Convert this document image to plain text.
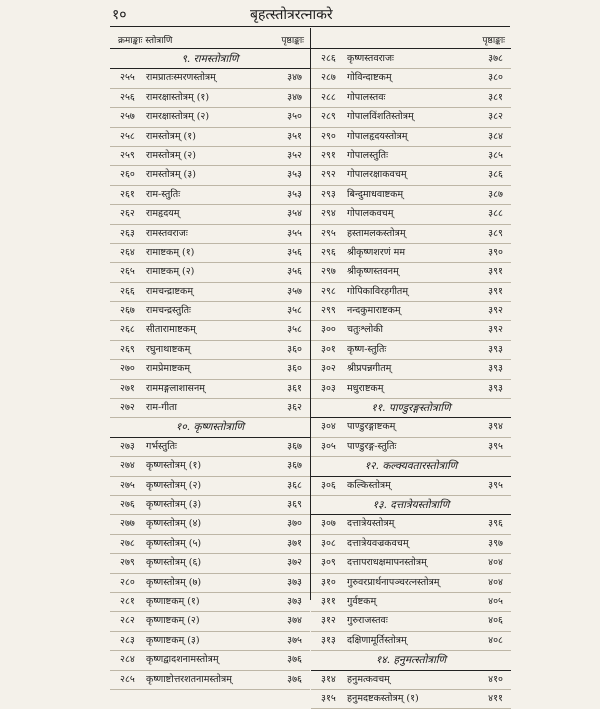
१०	बृहत्स्तोत्ररत्नाकरे
क्रमाङ्काः स्तोत्राणि	पृष्ठाङ्काः
९. रामस्तोत्राणि
२५५ रामप्रातःस्मरणस्तोत्रम्	३४७
२५६ रामरक्षास्तोत्रम् (१)	३४७
२५७ रामरक्षास्तोत्रम् (२)	३५०
२५८ रामस्तोत्रम् (१)	३५१
२५९ रामस्तोत्रम् (२)	३५२
२६० रामस्तोत्रम् (३)	३५३
२६१ राम-स्तुतिः	३५३
२६२ रामहृदयम्	३५४
२६३ रामस्तवराजः	३५५
२६४ रामाष्टकम् (१)	३५६
२६५ रामाष्टकम् (२)	३५६
२६६ रामचन्द्राष्टकम्	३५७
२६७ रामचन्द्रस्तुतिः	३५८
२६८ सीतारामाष्टकम्	३५८
२६९ रघुनाथाष्टकम्	३६०
२७० रामप्रेमाष्टकम्	३६०
२७१ राममङ्गलाशासनम्	३६१
२७२ राम-गीता	३६२
१०. कृष्णस्तोत्राणि
२७३ गर्भस्तुतिः	३६७
२७४ कृष्णस्तोत्रम् (१)	३६७
२७५ कृष्णस्तोत्रम् (२)	३६८
२७६ कृष्णस्तोत्रम् (३)	३६९
२७७ कृष्णस्तोत्रम् (४)	३७०
२७८ कृष्णस्तोत्रम् (५)	३७१
२७९ कृष्णस्तोत्रम् (६)	३७२
२८० कृष्णस्तोत्रम् (७)	३७३
२८१ कृष्णाष्टकम् (१)	३७३
२८२ कृष्णाष्टकम् (२)	३७४
२८३ कृष्णाष्टकम् (३)	३७५
२८४ कृष्णद्वादशनामस्तोत्रम्	३७६
२८५ कृष्णाष्टोत्तरशतनामस्तोत्रम्	३७६
पृष्ठाङ्काः
२८६ कृष्णस्तवराजः	३७८
२८७ गोविन्दाष्टकम्	३८०
२८८ गोपालस्तवः	३८१
२८९ गोपालविंशतिस्तोत्रम्	३८२
२९० गोपालहृदयस्तोत्रम्	३८४
२९१ गोपालस्तुतिः	३८५
२९२ गोपालरक्षाकवचम्	३८६
२९३ बिन्दुमाधवाष्टकम्	३८७
२९४ गोपालकवचम्	३८८
२९५ हस्तामलकस्तोत्रम्	३८९
२९६ श्रीकृष्णशरणं मम	३९०
२९७ श्रीकृष्णस्तवनम्	३९१
२९८ गोपिकाविरहगीतम्	३९१
२९९ नन्दकुमाराष्टकम्	३९२
३०० चतुःश्लोकी	३९२
३०१ कृष्ण-स्तुतिः	३९३
३०२ श्रीप्रपन्नगीतम्	३९३
३०३ मधुराष्टकम्	३९३
११. पाण्डुरङ्गस्तोत्राणि
३०४ पाण्डुरङ्गाष्टकम्	३९४
३०५ पाण्डुरङ्ग-स्तुतिः	३९५
१२. कल्क्यवतारस्तोत्राणि
३०६ कल्किस्तोत्रम्	३९५
१३. दत्तात्रेयस्तोत्राणि
३०७ दत्तात्रेयस्तोत्रम्	३९६
३०८ दत्तात्रेयवज्रकवचम्	३९७
३०९ दत्तापराधक्षमापनस्तोत्रम्	४०४
३१० गुरुवरप्रार्थनापञ्चरत्नस्तोत्रम्	४०४
३११ गुर्वष्टकम्	४०५
३१२ गुरुराजस्तवः	४०६
३१३ दक्षिणामूर्तिस्तोत्रम्	४०८
१४. हनुमत्स्तोत्राणि
३१४ हनुमत्कवचम्	४१०
३१५ हनुमदष्टकस्तोत्रम् (१)	४११
